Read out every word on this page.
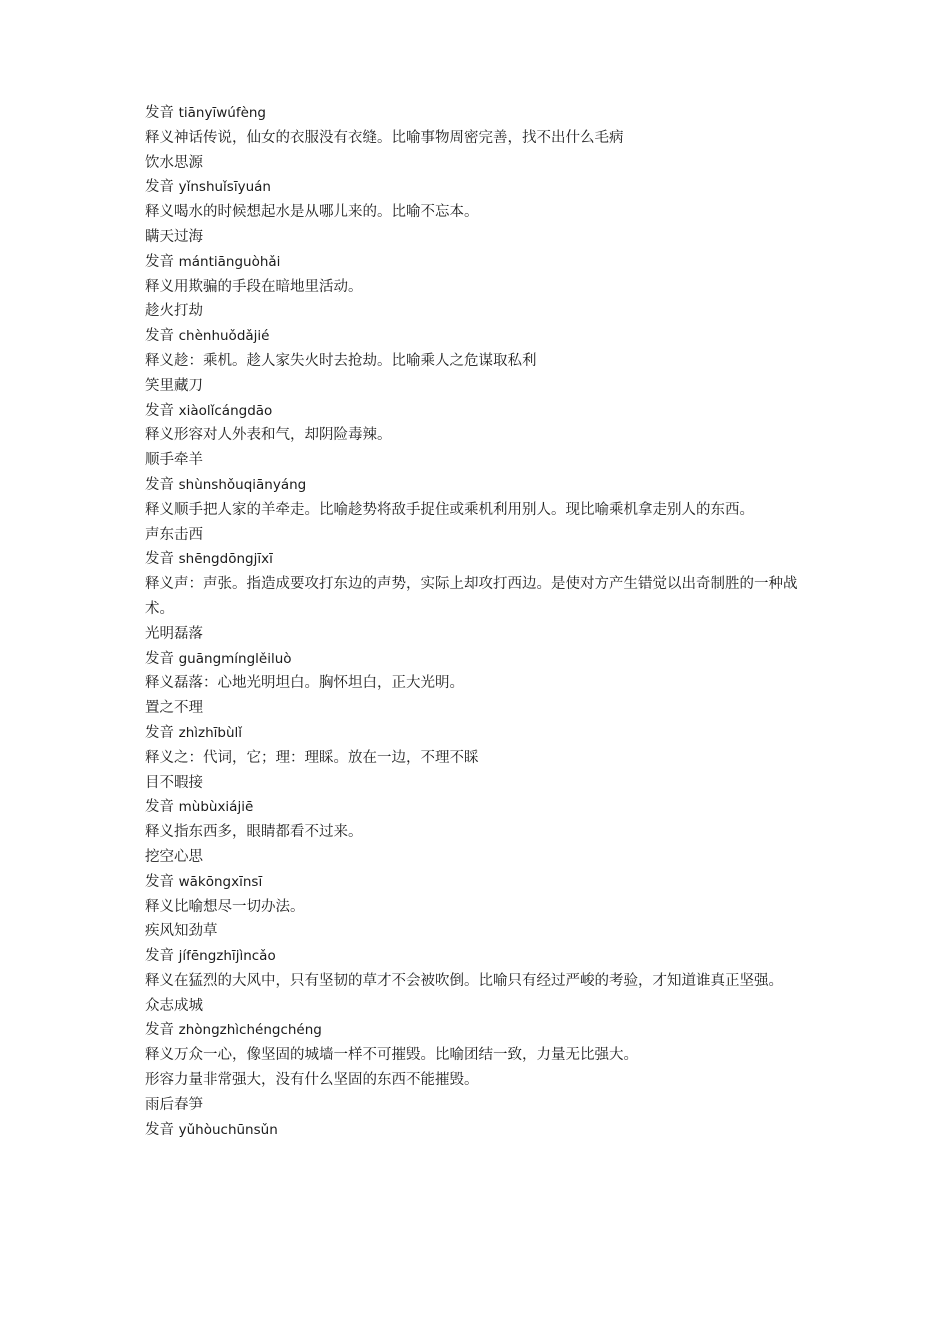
发音 tiānyīwúfèng
释义神话传说，仙女的衣服没有衣缝。比喻事物周密完善，找不出什么毛病
饮水思源
发音 yǐnshuǐsīyuán
释义喝水的时候想起水是从哪儿来的。比喻不忘本。
瞒天过海
发音 mántiānguòhǎi
释义用欺骗的手段在暗地里活动。
趁火打劫
发音 chènhuǒdǎjié
释义趁：乘机。趁人家失火时去抢劫。比喻乘人之危谋取私利
笑里藏刀
发音 xiàolǐcángdāo
释义形容对人外表和气，却阴险毒辣。
顺手牵羊
发音 shùnshǒuqiānyáng
释义顺手把人家的羊牵走。比喻趁势将敌手捉住或乘机利用别人。现比喻乘机拿走别人的东西。
声东击西
发音 shēngdōngjīxī
释义声：声张。指造成要攻打东边的声势，实际上却攻打西边。是使对方产生错觉以出奇制胜的一种战术。
光明磊落
发音 guāngmínglěiluò
释义磊落：心地光明坦白。胸怀坦白，正大光明。
置之不理
发音 zhìzhībùlǐ
释义之：代词，它；理：理睬。放在一边，不理不睬
目不暇接
发音 mùbùxiájiē
释义指东西多，眼睛都看不过来。
挖空心思
发音 wākōngxīnsī
释义比喻想尽一切办法。
疾风知劲草
发音 jífēngzhījìncǎo
释义在猛烈的大风中，只有坚韧的草才不会被吹倒。比喻只有经过严峻的考验，才知道谁真正坚强。
众志成城
发音 zhòngzhìchéngchéng
释义万众一心，像坚固的城墙一样不可摧毁。比喻团结一致，力量无比强大。
形容力量非常强大，没有什么坚固的东西不能摧毁。
雨后春笋
发音 yǔhòuchūnsǔn
